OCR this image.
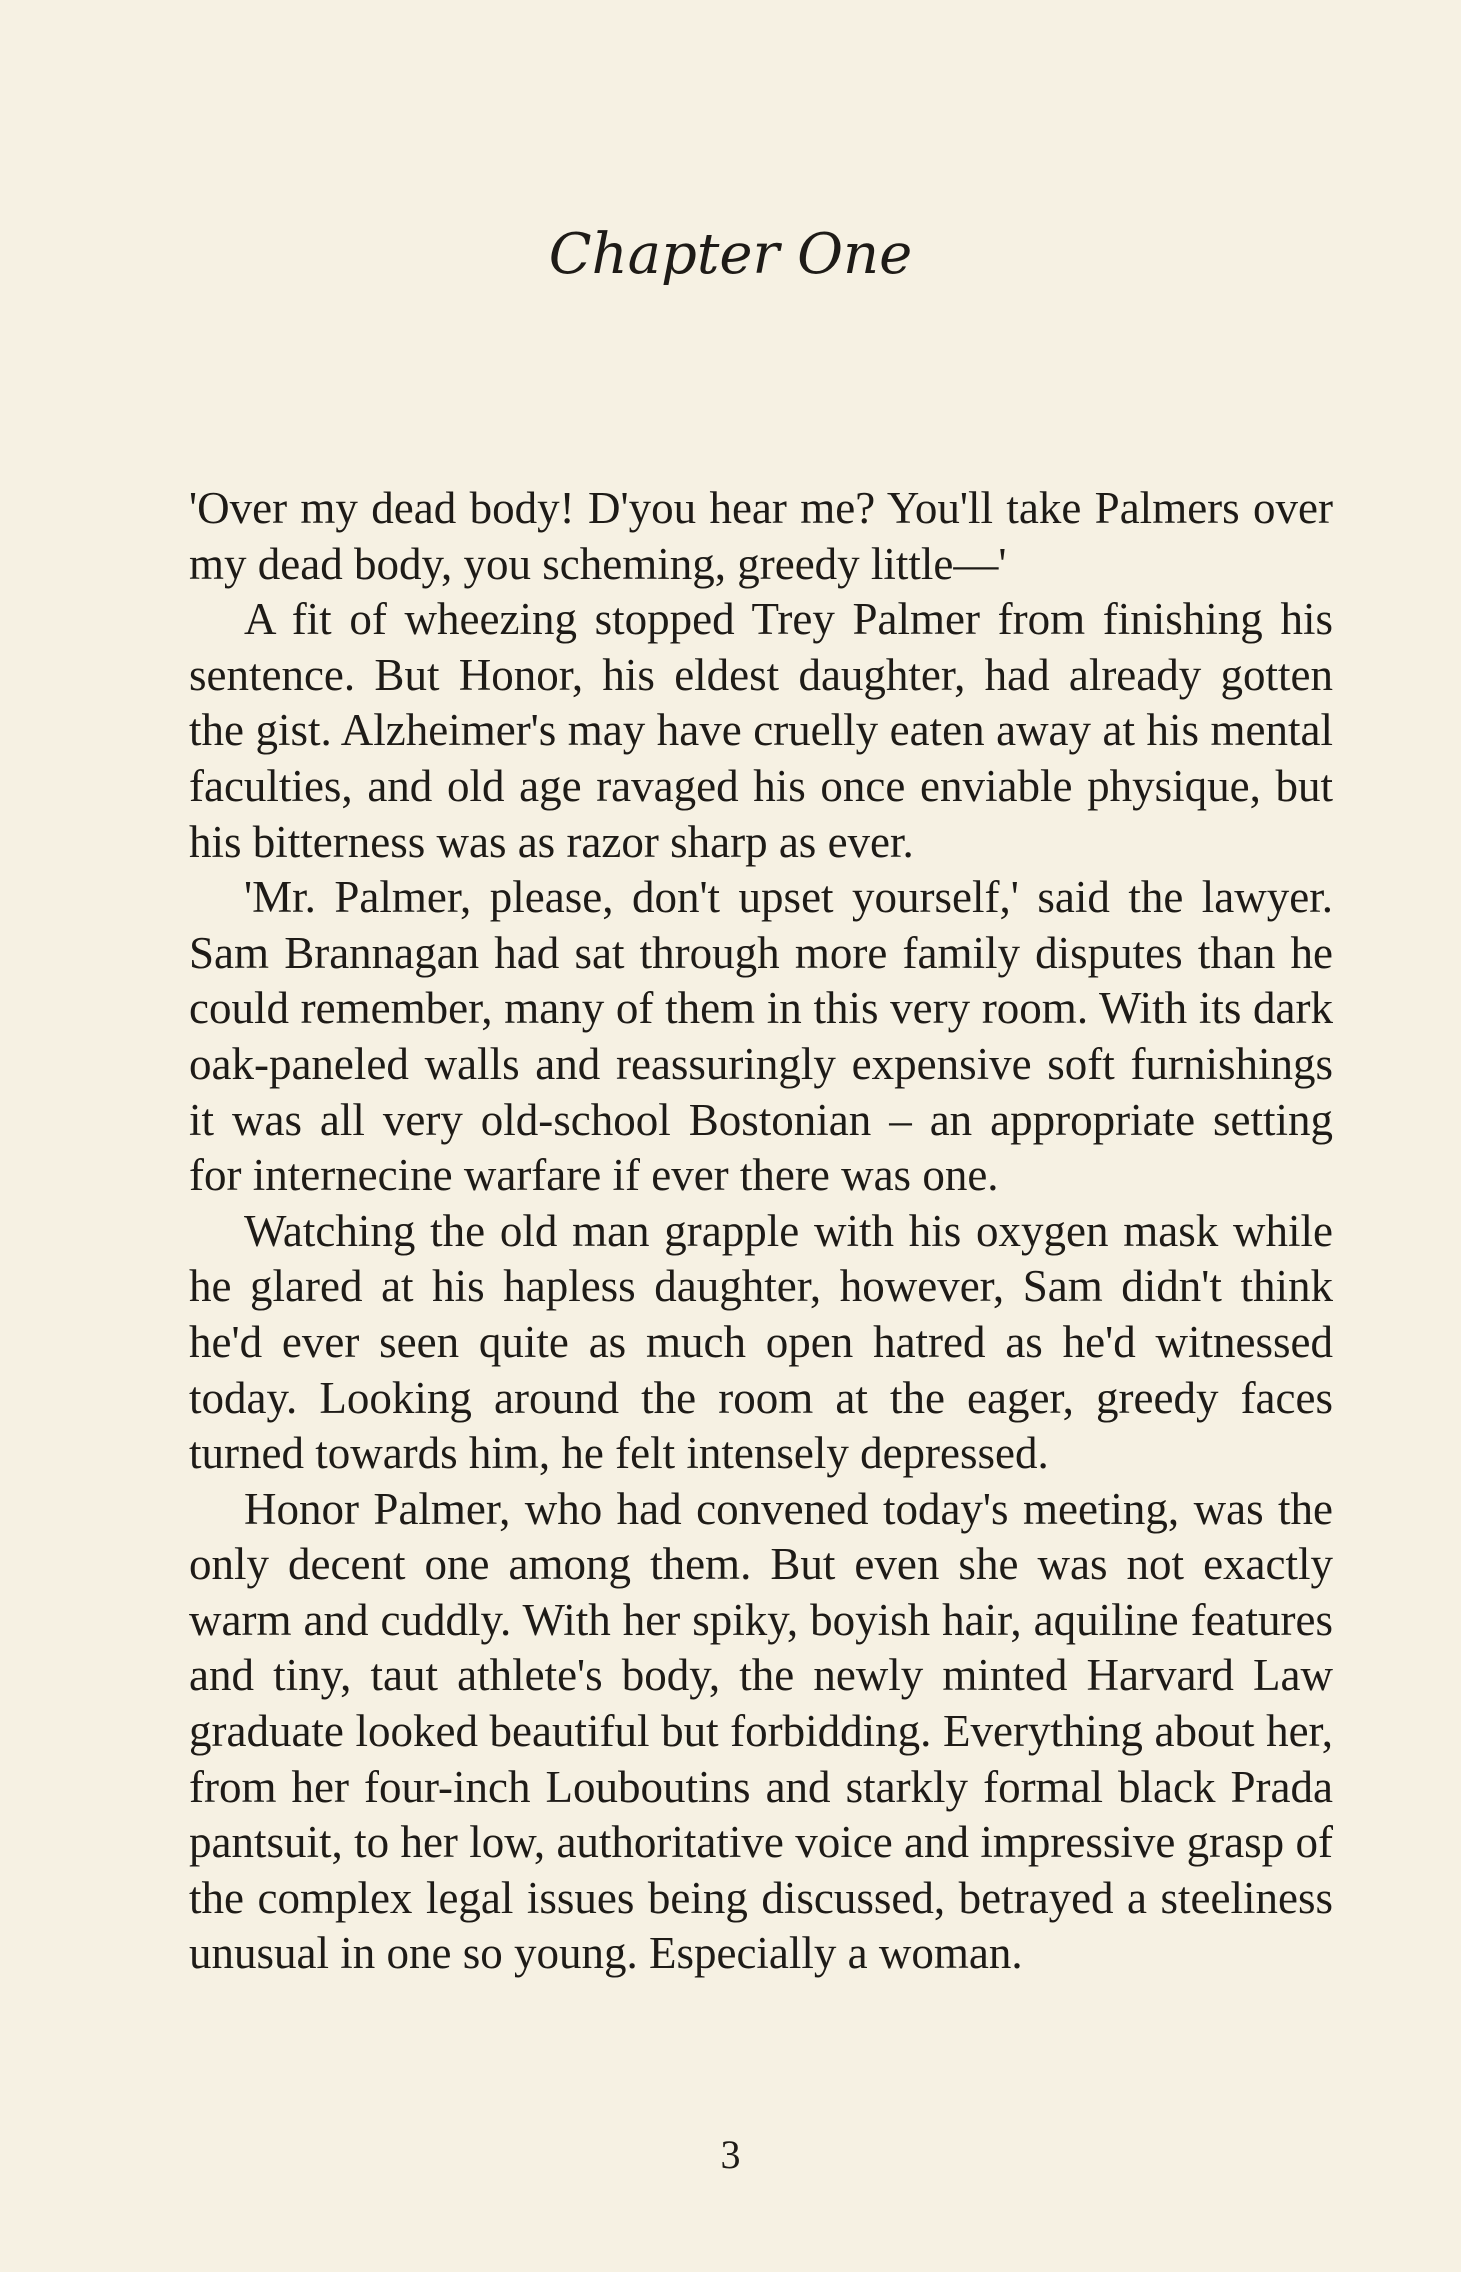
Chapter One

'Over my dead body! D'you hear me? You'll take Palmers over my dead body, you scheming, greedy little—'

A fit of wheezing stopped Trey Palmer from finishing his sentence. But Honor, his eldest daughter, had already gotten the gist. Alzheimer's may have cruelly eaten away at his mental faculties, and old age ravaged his once enviable physique, but his bitterness was as razor sharp as ever.

'Mr. Palmer, please, don't upset yourself,' said the lawyer. Sam Brannagan had sat through more family disputes than he could remember, many of them in this very room. With its dark oak-paneled walls and reassuringly expensive soft furnishings it was all very old-school Bostonian – an appropriate setting for internecine warfare if ever there was one.

Watching the old man grapple with his oxygen mask while he glared at his hapless daughter, however, Sam didn't think he'd ever seen quite as much open hatred as he'd witnessed today. Looking around the room at the eager, greedy faces turned towards him, he felt intensely depressed.

Honor Palmer, who had convened today's meeting, was the only decent one among them. But even she was not exactly warm and cuddly. With her spiky, boyish hair, aquiline features and tiny, taut athlete's body, the newly minted Harvard Law graduate looked beautiful but forbidding. Everything about her, from her four-inch Louboutins and starkly formal black Prada pantsuit, to her low, authoritative voice and impressive grasp of the complex legal issues being discussed, betrayed a steeliness unusual in one so young. Especially a woman.

3
